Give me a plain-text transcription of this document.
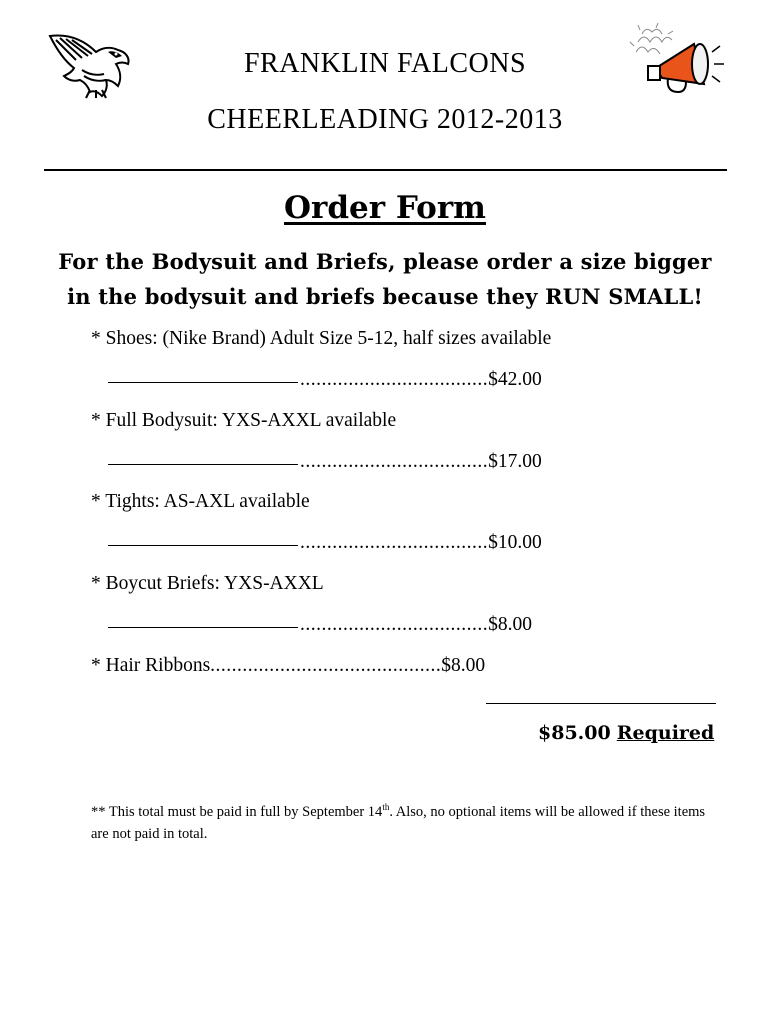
FRANKLIN FALCONS
CHEERLEADING 2012-2013
Order Form
For the Bodysuit and Briefs, please order a size bigger
in the bodysuit and briefs because they RUN SMALL!
* Shoes: (Nike Brand) Adult Size 5-12, half sizes available
................................... $42.00
* Full Bodysuit: YXS-AXXL available
................................... $17.00
* Tights: AS-AXL available
................................... $10.00
* Boycut Briefs: YXS-AXXL
................................... $8.00
* Hair Ribbons...........................................$8.00
$85.00 Required
** This total must be paid in full by September 14th. Also, no optional items will be allowed if these items are not paid in total.
